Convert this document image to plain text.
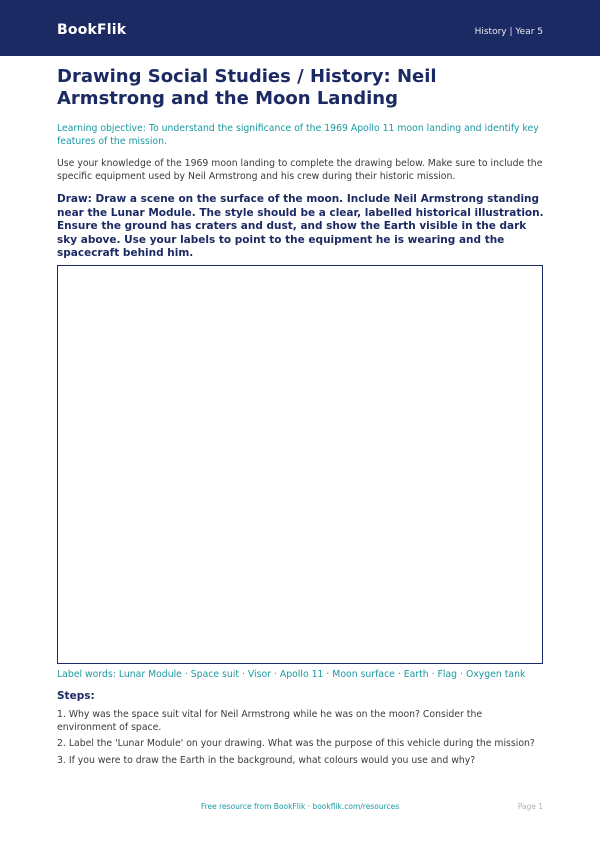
BookFlik	History | Year 5
Drawing Social Studies / History: Neil Armstrong and the Moon Landing
Learning objective: To understand the significance of the 1969 Apollo 11 moon landing and identify key features of the mission.
Use your knowledge of the 1969 moon landing to complete the drawing below. Make sure to include the specific equipment used by Neil Armstrong and his crew during their historic mission.
Draw: Draw a scene on the surface of the moon. Include Neil Armstrong standing near the Lunar Module. The style should be a clear, labelled historical illustration. Ensure the ground has craters and dust, and show the Earth visible in the dark sky above. Use your labels to point to the equipment he is wearing and the spacecraft behind him.
Label words: Lunar Module · Space suit · Visor · Apollo 11 · Moon surface · Earth · Flag · Oxygen tank
Steps:
1. Why was the space suit vital for Neil Armstrong while he was on the moon? Consider the environment of space.
2. Label the 'Lunar Module' on your drawing. What was the purpose of this vehicle during the mission?
3. If you were to draw the Earth in the background, what colours would you use and why?
Free resource from BookFlik · bookflik.com/resources	Page 1
